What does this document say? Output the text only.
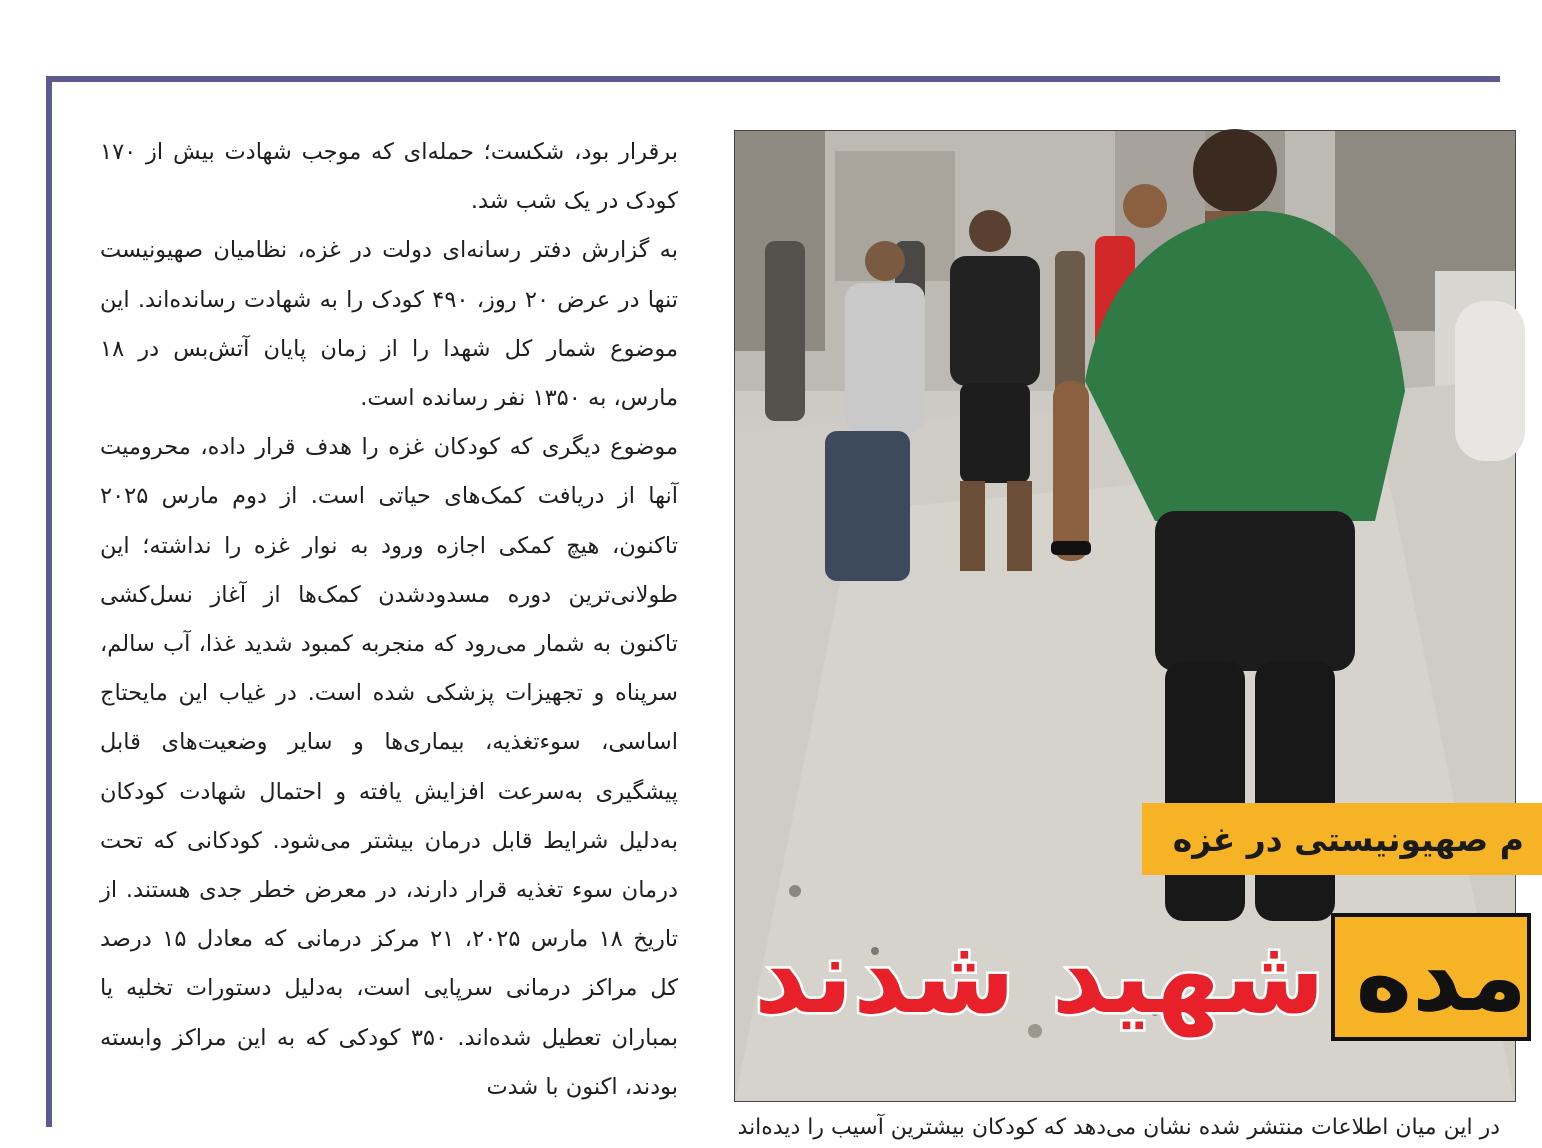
برقرار بود، شکست؛ حمله‌ای که موجب شهادت بیش از ۱۷۰ کودک در یک شب شد.

به گزارش دفتر رسانه‌ای دولت در غزه، نظامیان صهیونیست تنها در عرض ۲۰ روز، ۴۹۰ کودک را به شهادت رسانده‌اند. این موضوع شمار کل شهدا را از زمان پایان آتش‌بس در ۱۸ مارس، به ۱۳۵۰ نفر رسانده است.

موضوع دیگری که کودکان غزه را هدف قرار داده، محرومیت آنها از دریافت کمک‌های حیاتی است. از دوم مارس ۲۰۲۵ تاکنون، هیچ کمکی اجازه ورود به نوار غزه را نداشته؛ این طولانی‌ترین دوره مسدودشدن کمک‌ها از آغاز نسل‌کشی تاکنون به شمار می‌رود که منجربه کمبود شدید غذا، آب سالم، سرپناه و تجهیزات پزشکی شده است. در غیاب این مایحتاج اساسی، سوءتغذیه، بیماری‌ها و سایر وضعیت‌های قابل پیشگیری به‌سرعت افزایش یافته و احتمال شهادت کودکان به‌دلیل شرایط قابل درمان بیشتر می‌شود. کودکانی که تحت درمان سوء تغذیه قرار دارند، در معرض خطر جدی هستند. از تاریخ ۱۸ مارس ۲۰۲۵، ۲۱ مرکز درمانی که معادل ۱۵ درصد کل مراکز درمانی سرپایی است، به‌دلیل دستورات تخلیه یا بمباران تعطیل شده‌اند. ۳۵۰ کودکی که به این مراکز وابسته بودند، اکنون با شدت

م صهیونیستی در غزه
مده
شهید شدند

در این میان اطلاعات منتشر شده نشان می‌دهد که کودکان بیشترین آسیب را دیده‌اند
